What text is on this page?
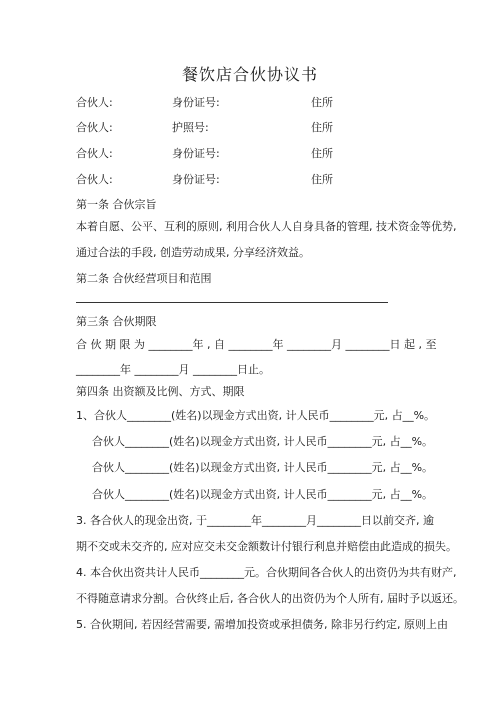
餐饮店合伙协议书
合伙人:	身份证号:	住所
合伙人:	护照号:	住所
合伙人:	身份证号:	住所
合伙人:	身份证号:	住所
第一条 合伙宗旨
本着自愿、公平、互利的原则, 利用合伙人人自身具备的管理, 技术资金等优势,
通过合法的手段, 创造劳动成果, 分享经济效益。
第二条 合伙经营项目和范围
第三条 合伙期限
合 伙 期 限 为 ________年 , 自 ________年 ________月 ________日 起 , 至
________年 ________月 ________日止。
第四条 出资额及比例、方式、期限
1、合伙人________(姓名)以现金方式出资, 计人民币________元, 占__%。
合伙人________(姓名)以现金方式出资, 计人民币________元, 占__%。
合伙人________(姓名)以现金方式出资, 计人民币________元, 占__%。
合伙人________(姓名)以现金方式出资, 计人民币________元, 占__%。
3. 各合伙人的现金出资, 于________年________月________日以前交齐, 逾
期不交或未交齐的, 应对应交未交金额数计付银行利息并赔偿由此造成的损失。
4. 本合伙出资共计人民币________元。合伙期间各合伙人的出资仍为共有财产,
不得随意请求分割。合伙终止后, 各合伙人的出资仍为个人所有, 届时予以返还。
5. 合伙期间, 若因经营需要, 需增加投资或承担债务, 除非另行约定, 原则上由
